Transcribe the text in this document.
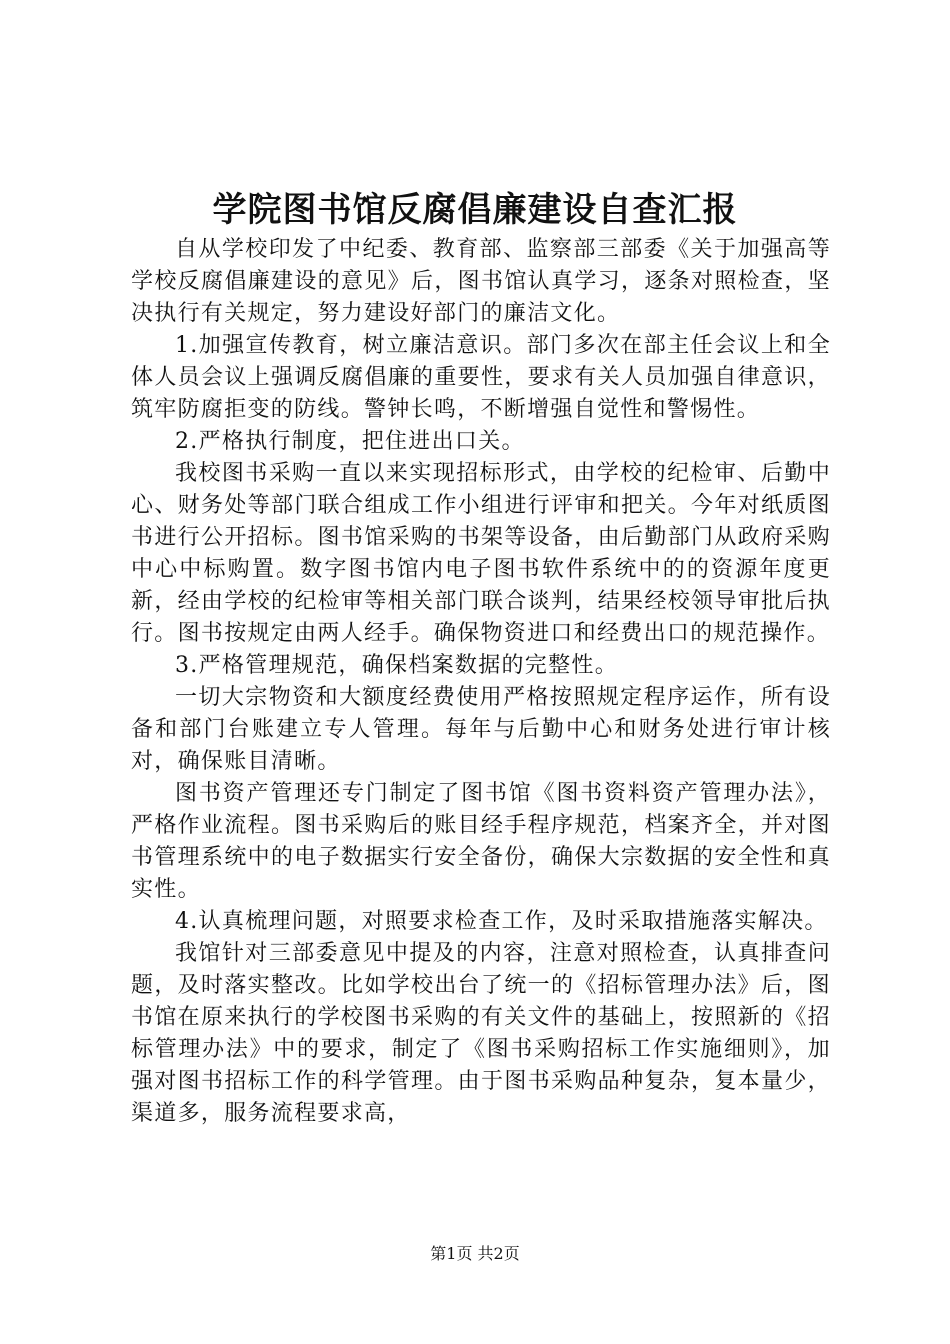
学院图书馆反腐倡廉建设自查汇报

自从学校印发了中纪委、教育部、监察部三部委《关于加强高等学校反腐倡廉建设的意见》后，图书馆认真学习，逐条对照检查，坚决执行有关规定，努力建设好部门的廉洁文化。

1.加强宣传教育，树立廉洁意识。部门多次在部主任会议上和全体人员会议上强调反腐倡廉的重要性，要求有关人员加强自律意识，筑牢防腐拒变的防线。警钟长鸣，不断增强自觉性和警惕性。

2.严格执行制度，把住进出口关。

我校图书采购一直以来实现招标形式，由学校的纪检审、后勤中心、财务处等部门联合组成工作小组进行评审和把关。今年对纸质图书进行公开招标。图书馆采购的书架等设备，由后勤部门从政府采购中心中标购置。数字图书馆内电子图书软件系统中的的资源年度更新，经由学校的纪检审等相关部门联合谈判，结果经校领导审批后执行。图书按规定由两人经手。确保物资进口和经费出口的规范操作。

3.严格管理规范，确保档案数据的完整性。

一切大宗物资和大额度经费使用严格按照规定程序运作，所有设备和部门台账建立专人管理。每年与后勤中心和财务处进行审计核对，确保账目清晰。

图书资产管理还专门制定了图书馆《图书资料资产管理办法》，严格作业流程。图书采购后的账目经手程序规范，档案齐全，并对图书管理系统中的电子数据实行安全备份，确保大宗数据的安全性和真实性。

4.认真梳理问题，对照要求检查工作，及时采取措施落实解决。

我馆针对三部委意见中提及的内容，注意对照检查，认真排查问题，及时落实整改。比如学校出台了统一的《招标管理办法》后，图书馆在原来执行的学校图书采购的有关文件的基础上，按照新的《招标管理办法》中的要求，制定了《图书采购招标工作实施细则》，加强对图书招标工作的科学管理。由于图书采购品种复杂，复本量少，渠道多，服务流程要求高，

第1页 共2页
